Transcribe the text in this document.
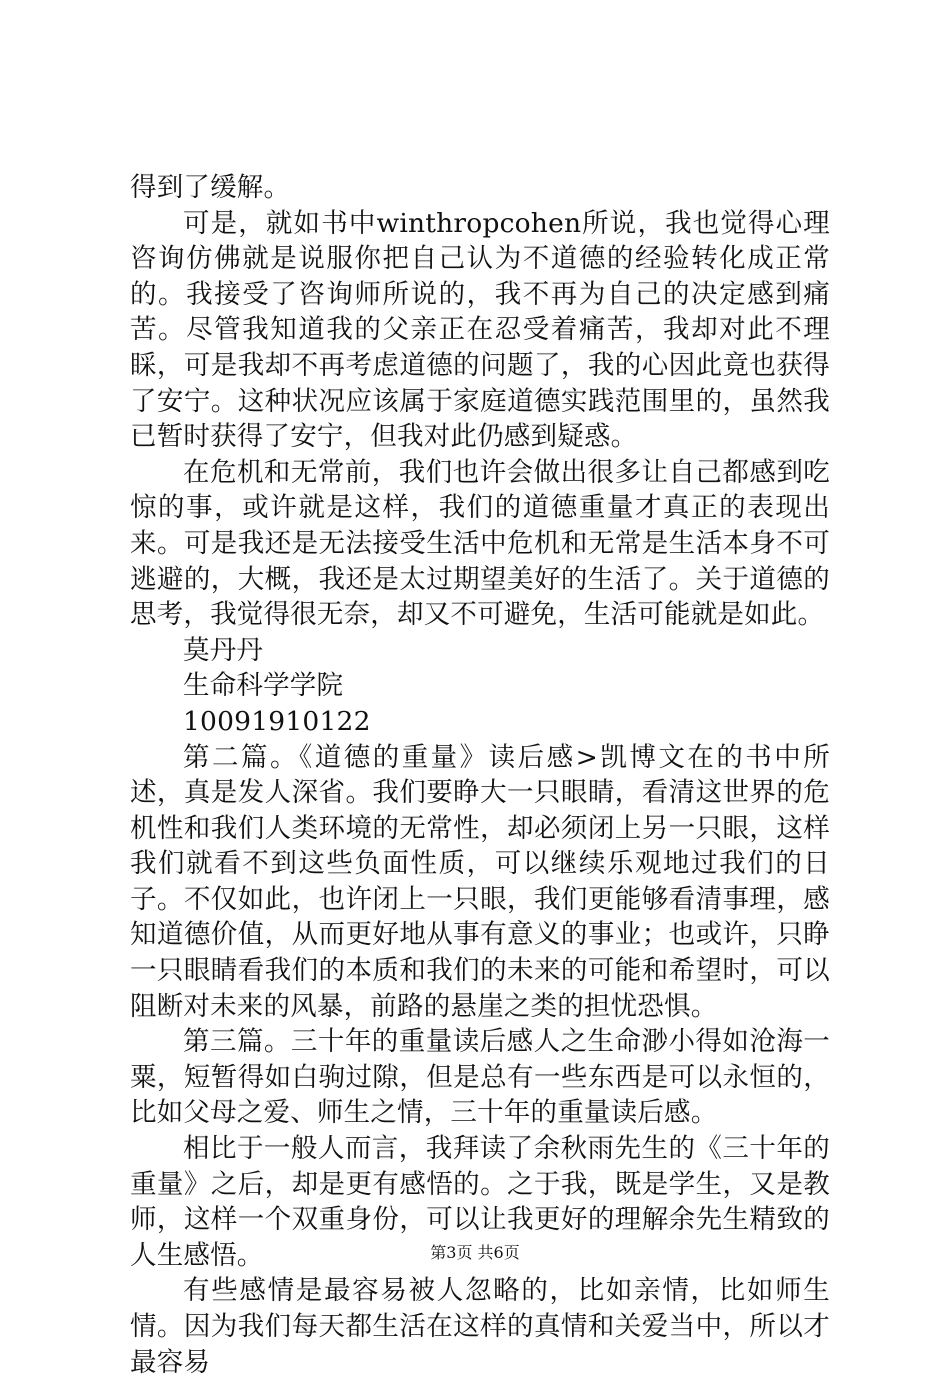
得到了缓解。

可是，就如书中winthropcohen所说，我也觉得心理咨询仿佛就是说服你把自己认为不道德的经验转化成正常的。我接受了咨询师所说的，我不再为自己的决定感到痛苦。尽管我知道我的父亲正在忍受着痛苦，我却对此不理睬，可是我却不再考虑道德的问题了，我的心因此竟也获得了安宁。这种状况应该属于家庭道德实践范围里的，虽然我已暂时获得了安宁，但我对此仍感到疑惑。

在危机和无常前，我们也许会做出很多让自己都感到吃惊的事，或许就是这样，我们的道德重量才真正的表现出来。可是我还是无法接受生活中危机和无常是生活本身不可逃避的，大概，我还是太过期望美好的生活了。关于道德的思考，我觉得很无奈，却又不可避免，生活可能就是如此。

莫丹丹

生命科学学院

10091910122

第二篇。《道德的重量》读后感>凯博文在的书中所述，真是发人深省。我们要睁大一只眼睛，看清这世界的危机性和我们人类环境的无常性，却必须闭上另一只眼，这样我们就看不到这些负面性质，可以继续乐观地过我们的日子。不仅如此，也许闭上一只眼，我们更能够看清事理，感知道德价值，从而更好地从事有意义的事业；也或许，只睁一只眼睛看我们的本质和我们的未来的可能和希望时，可以阻断对未来的风暴，前路的悬崖之类的担忧恐惧。

第三篇。三十年的重量读后感人之生命渺小得如沧海一粟，短暂得如白驹过隙，但是总有一些东西是可以永恒的，比如父母之爱、师生之情，三十年的重量读后感。

相比于一般人而言，我拜读了余秋雨先生的《三十年的重量》之后，却是更有感悟的。之于我，既是学生，又是教师，这样一个双重身份，可以让我更好的理解余先生精致的人生感悟。

有些感情是最容易被人忽略的，比如亲情，比如师生情。因为我们每天都生活在这样的真情和关爱当中，所以才最容易

第3页 共6页
